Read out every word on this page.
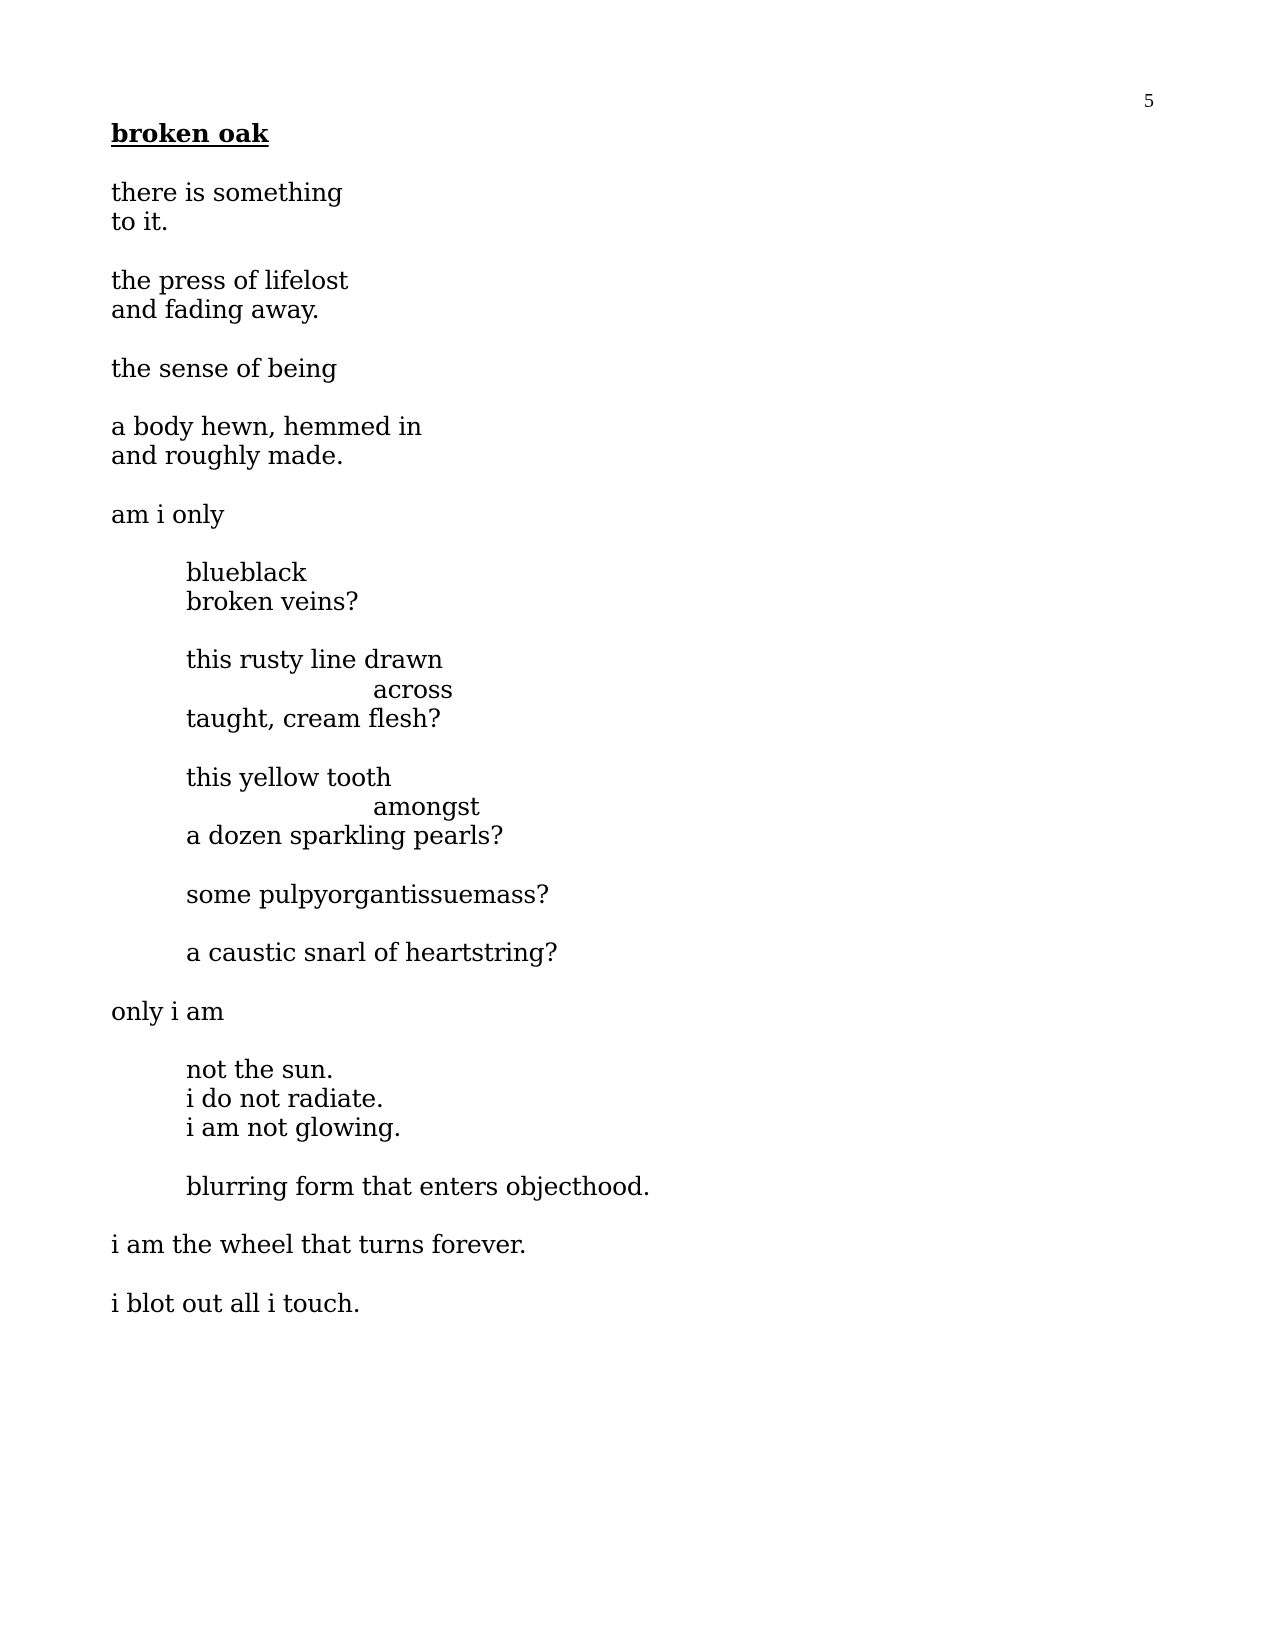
5
broken oak
there is something
to it.
the press of lifelost
and fading away.
the sense of being
a body hewn, hemmed in
and roughly made.
am i only
blueblack
broken veins?
this rusty line drawn
across
taught, cream flesh?
this yellow tooth
amongst
a dozen sparkling pearls?
some pulpyorgantissuemass?
a caustic snarl of heartstring?
only i am
not the sun.
i do not radiate.
i am not glowing.
blurring form that enters objecthood.
i am the wheel that turns forever.
i blot out all i touch.
